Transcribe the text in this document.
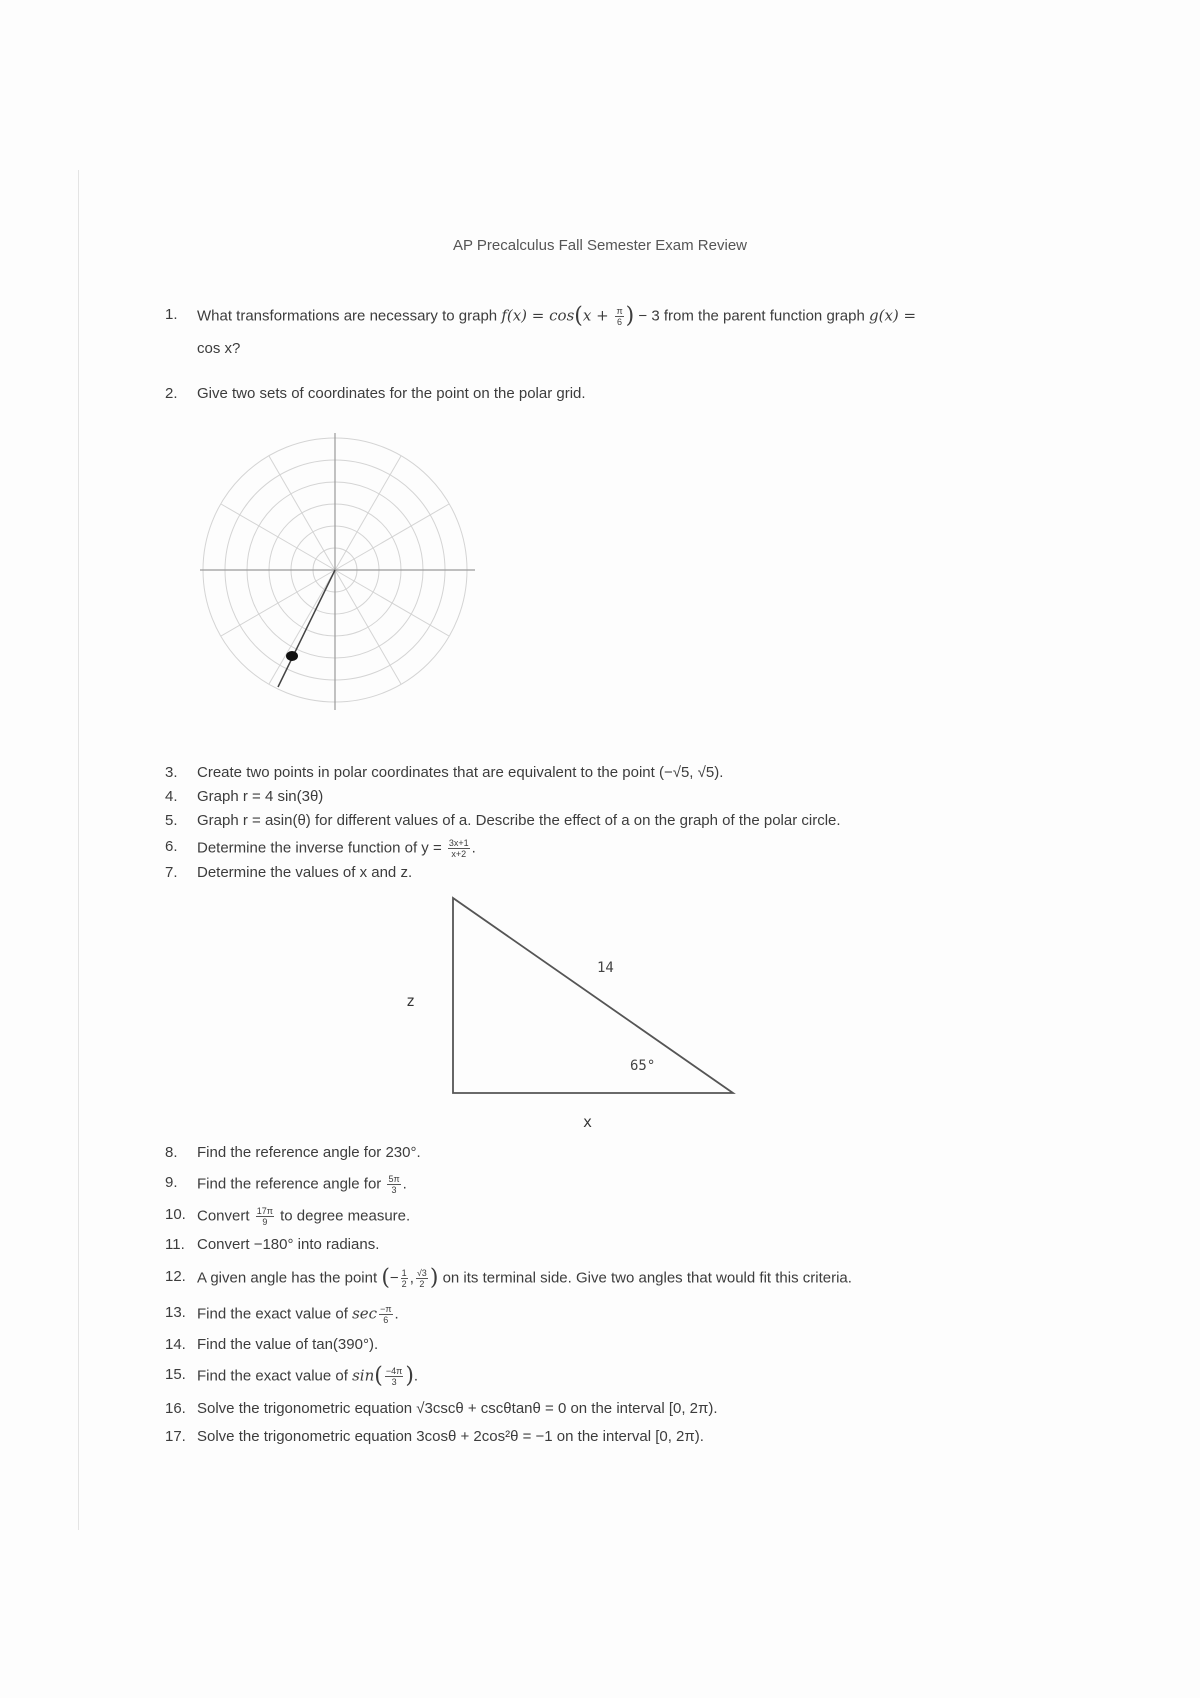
AP Precalculus Fall Semester Exam Review
1. What transformations are necessary to graph $f(x) = \cos(x + \frac{\pi}{6}$ ) − 3 from the parent function graph g(x) =
cos x?
2. Give two sets of coordinates for the point on the polar grid.
3. Create two points in polar coordinates that are equivalent to the point (−√5, √5).
4. Graph r = 4 sin(3θ)
5. Graph r = asin(θ) for different values of a. Describe the effect of a on the graph of the polar circle.
6. Determine the inverse function of $y = \frac{3x+1}{x+2}$ .
7. Determine the values of x and z.
14
65°
z
x
8. Find the reference angle for 230°.
9. Find the reference angle for $\frac{5\pi}{3}$ .
10. Convert $\frac{17\pi}{9}$ to degree measure.
11. Convert −180° into radians.
12. A given angle has the point (− $\frac{1}{2}$ , $\frac{√3}{2}$ ) on its terminal side. Give two angles that would fit this criteria.
13. Find the exact value of $\sec \frac{-\pi}{6}$ .
14. Find the value of tan(390°).
15. Find the exact value of $\sin( \frac{-4\pi}{3}$ ).
16. Solve the trigonometric equation √3cscθ + cscθtanθ = 0 on the interval [0, 2π).
17. Solve the trigonometric equation 3cosθ + 2cos²θ = −1 on the interval [0, 2π).
